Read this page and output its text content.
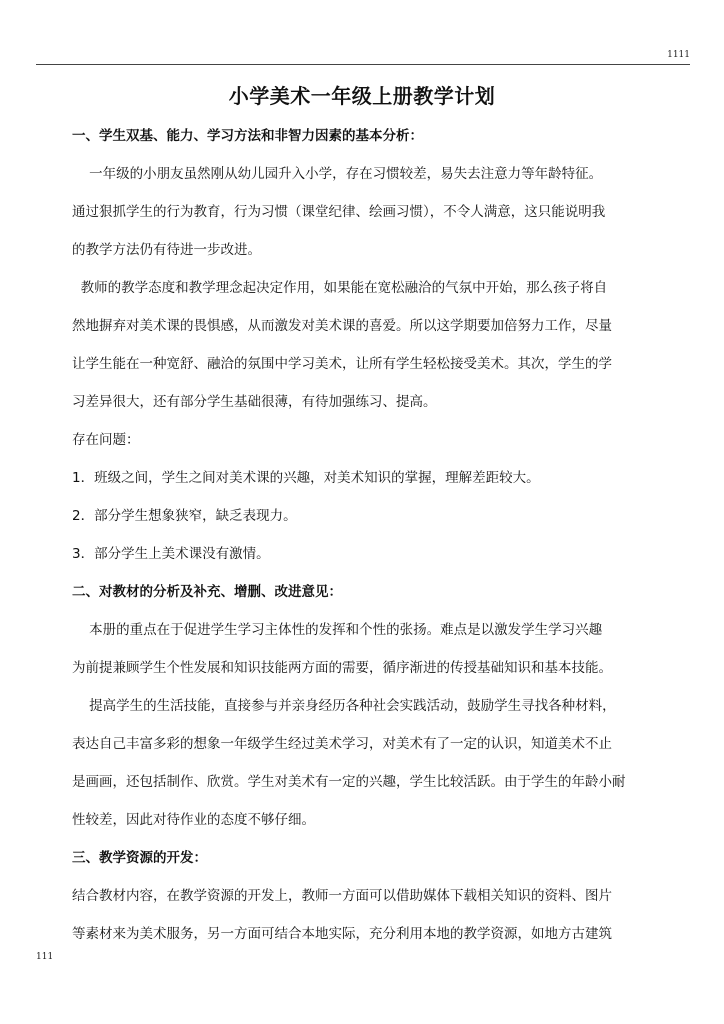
1111
小学美术一年级上册教学计划
一、学生双基、能力、学习方法和非智力因素的基本分析：
一年级的小朋友虽然刚从幼儿园升入小学，存在习惯较差，易失去注意力等年龄特征。
通过狠抓学生的行为教育，行为习惯（课堂纪律、绘画习惯），不令人满意，这只能说明我
的教学方法仍有待进一步改进。
教师的教学态度和教学理念起决定作用，如果能在宽松融洽的气氛中开始，那么孩子将自
然地摒弃对美术课的畏惧感，从而激发对美术课的喜爱。所以这学期要加倍努力工作，尽量
让学生能在一种宽舒、融洽的氛围中学习美术，让所有学生轻松接受美术。其次，学生的学
习差异很大，还有部分学生基础很薄，有待加强练习、提高。
存在问题：
1．班级之间，学生之间对美术课的兴趣，对美术知识的掌握，理解差距较大。
2．部分学生想象狭窄，缺乏表现力。
3．部分学生上美术课没有激情。
二、对教材的分析及补充、增删、改进意见：
本册的重点在于促进学生学习主体性的发挥和个性的张扬。难点是以激发学生学习兴趣
为前提兼顾学生个性发展和知识技能两方面的需要，循序渐进的传授基础知识和基本技能。
提高学生的生活技能，直接参与并亲身经历各种社会实践活动，鼓励学生寻找各种材料，
表达自己丰富多彩的想象一年级学生经过美术学习，对美术有了一定的认识，知道美术不止
是画画，还包括制作、欣赏。学生对美术有一定的兴趣，学生比较活跃。由于学生的年龄小耐
性较差，因此对待作业的态度不够仔细。
三、教学资源的开发：
结合教材内容，在教学资源的开发上，教师一方面可以借助媒体下载相关知识的资料、图片
等素材来为美术服务，另一方面可结合本地实际，充分利用本地的教学资源，如地方古建筑
111
